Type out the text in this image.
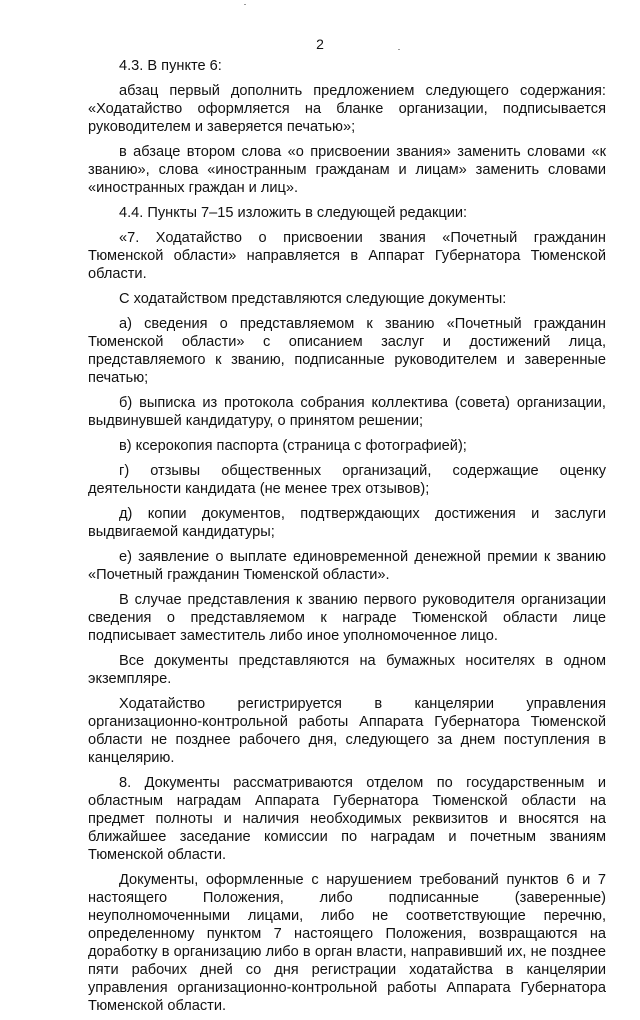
2

4.3. В пункте 6:

абзац первый дополнить предложением следующего содержания: «Ходатайство оформляется на бланке организации, подписывается руководителем и заверяется печатью»;

в абзаце втором слова «о присвоении звания» заменить словами «к званию», слова «иностранным гражданам и лицам» заменить словами «иностранных граждан и лиц».

4.4. Пункты 7–15 изложить в следующей редакции:

«7. Ходатайство о присвоении звания «Почетный гражданин Тюменской области» направляется в Аппарат Губернатора Тюменской области.

С ходатайством представляются следующие документы:

а) сведения о представляемом к званию «Почетный гражданин Тюменской области» с описанием заслуг и достижений лица, представляемого к званию, подписанные руководителем и заверенные печатью;

б) выписка из протокола собрания коллектива (совета) организации, выдвинувшей кандидатуру, о принятом решении;

в) ксерокопия паспорта (страница с фотографией);

г) отзывы общественных организаций, содержащие оценку деятельности кандидата (не менее трех отзывов);

д) копии документов, подтверждающих достижения и заслуги выдвигаемой кандидатуры;

е) заявление о выплате единовременной денежной премии к званию «Почетный гражданин Тюменской области».

В случае представления к званию первого руководителя организации сведения о представляемом к награде Тюменской области лице подписывает заместитель либо иное уполномоченное лицо.

Все документы представляются на бумажных носителях в одном экземпляре.

Ходатайство регистрируется в канцелярии управления организационно-контрольной работы Аппарата Губернатора Тюменской области не позднее рабочего дня, следующего за днем поступления в канцелярию.

8. Документы рассматриваются отделом по государственным и областным наградам Аппарата Губернатора Тюменской области на предмет полноты и наличия необходимых реквизитов и вносятся на ближайшее заседание комиссии по наградам и почетным званиям Тюменской области.

Документы, оформленные с нарушением требований пунктов 6 и 7 настоящего Положения, либо подписанные (заверенные) неуполномоченными лицами, либо не соответствующие перечню, определенному пунктом 7 настоящего Положения, возвращаются на доработку в организацию либо в орган власти, направивший их, не позднее пяти рабочих дней со дня регистрации ходатайства в канцелярии управления организационно-контрольной работы Аппарата Губернатора Тюменской области.
